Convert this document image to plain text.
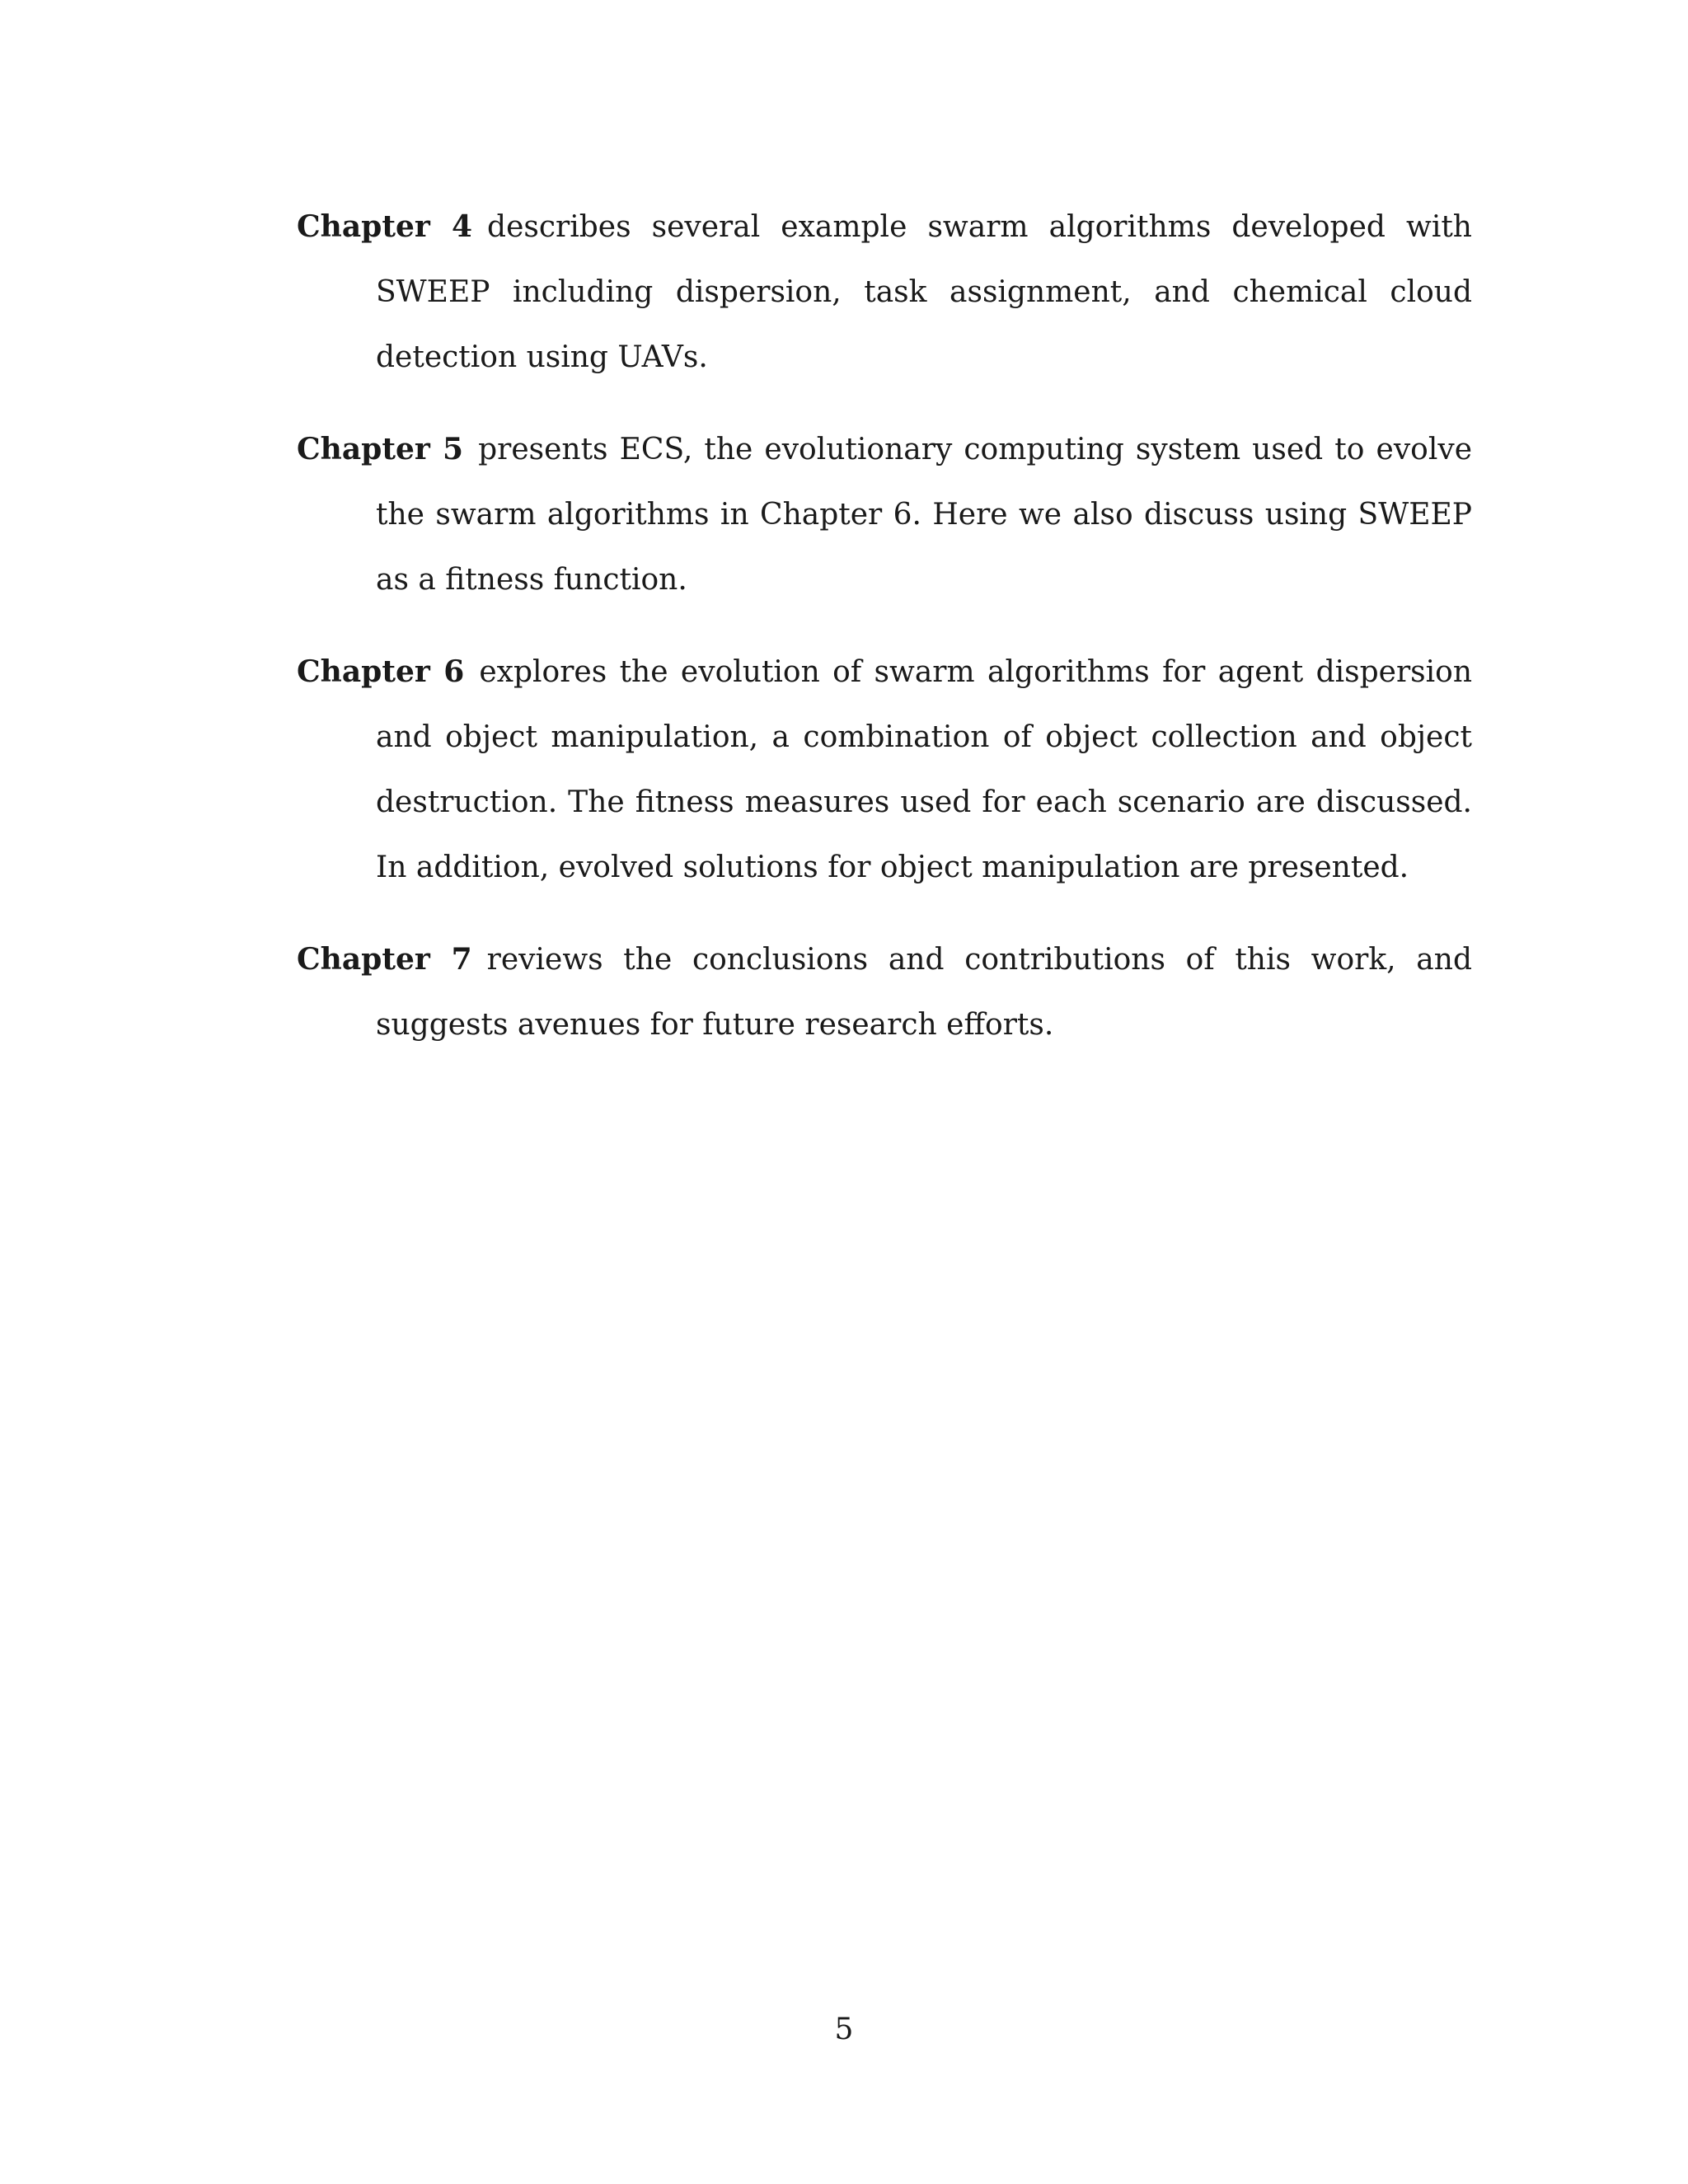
Chapter 4 describes several example swarm algorithms developed with SWEEP including dispersion, task assignment, and chemical cloud detection using UAVs.

Chapter 5 presents ECS, the evolutionary computing system used to evolve the swarm algorithms in Chapter 6. Here we also discuss using SWEEP as a fitness function.

Chapter 6 explores the evolution of swarm algorithms for agent dispersion and object manipulation, a combination of object collection and object destruction. The fitness measures used for each scenario are discussed. In addition, evolved solutions for object manipulation are presented.

Chapter 7 reviews the conclusions and contributions of this work, and suggests avenues for future research efforts.

5
